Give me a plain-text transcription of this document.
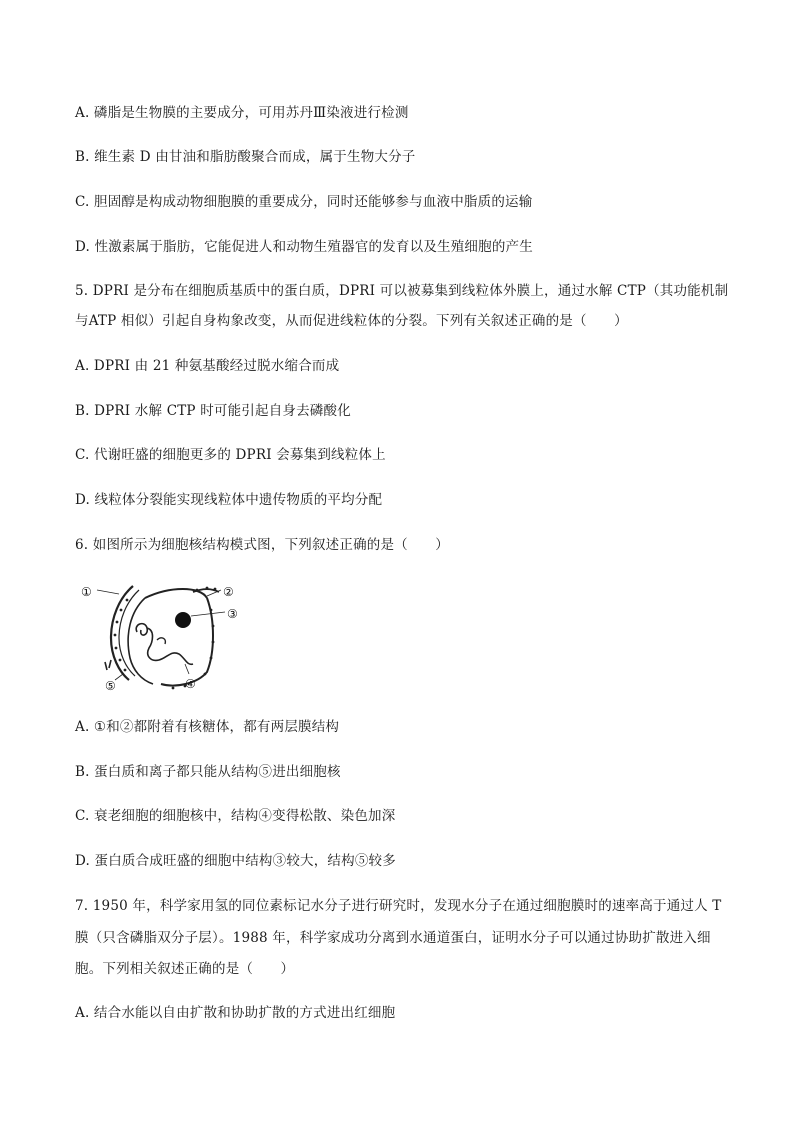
A. 磷脂是生物膜的主要成分，可用苏丹Ⅲ染液进行检测
B. 维生素 D 由甘油和脂肪酸聚合而成，属于生物大分子
C. 胆固醇是构成动物细胞膜的重要成分，同时还能够参与血液中脂质的运输
D. 性激素属于脂肪，它能促进人和动物生殖器官的发育以及生殖细胞的产生
5. DPRI 是分布在细胞质基质中的蛋白质，DPRI 可以被募集到线粒体外膜上，通过水解 CTP（其功能机制
与ATP 相似）引起自身构象改变，从而促进线粒体的分裂。下列有关叙述正确的是（　　）
A. DPRI 由 21 种氨基酸经过脱水缩合而成
B. DPRI 水解 CTP 时可能引起自身去磷酸化
C. 代谢旺盛的细胞更多的 DPRI 会募集到线粒体上
D. 线粒体分裂能实现线粒体中遗传物质的平均分配
6. 如图所示为细胞核结构模式图，下列叙述正确的是（　　）
①	②
③
④
⑤
A. ①和②都附着有核糖体，都有两层膜结构
B. 蛋白质和离子都只能从结构⑤进出细胞核
C. 衰老细胞的细胞核中，结构④变得松散、染色加深
D. 蛋白质合成旺盛的细胞中结构③较大，结构⑤较多
7. 1950 年，科学家用氢的同位素标记水分子进行研究时，发现水分子在通过细胞膜时的速率高于通过人 T
膜（只含磷脂双分子层）。1988 年，科学家成功分离到水通道蛋白，证明水分子可以通过协助扩散进入细
胞。下列相关叙述正确的是（　　）
A. 结合水能以自由扩散和协助扩散的方式进出红细胞
